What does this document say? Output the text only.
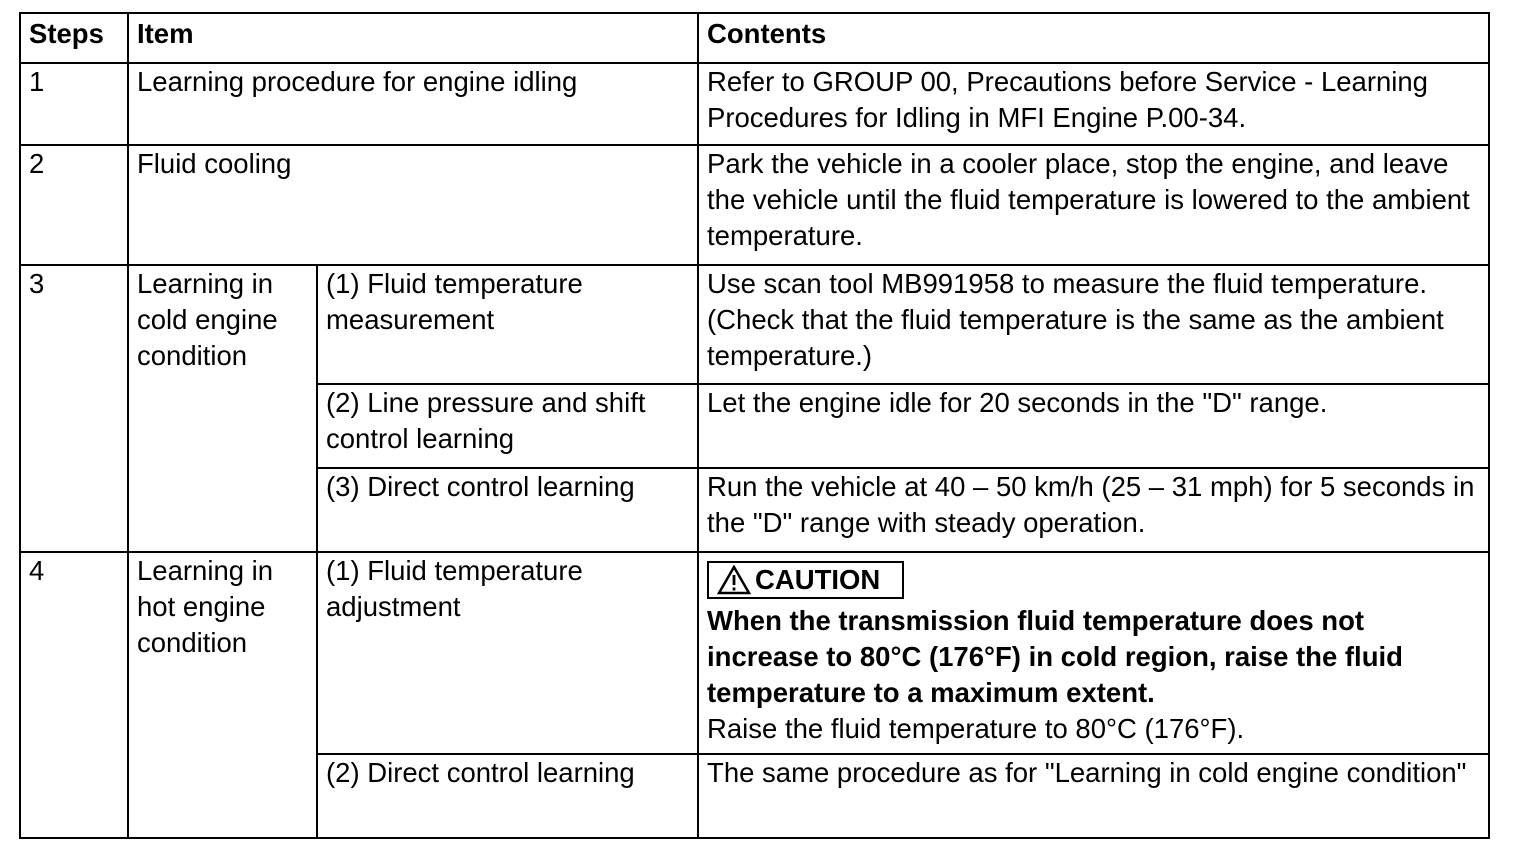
Steps	Item		Contents
1	Learning procedure for engine idling		Refer to GROUP 00, Precautions before Service - Learning Procedures for Idling in MFI Engine P.00-34.
2	Fluid cooling		Park the vehicle in a cooler place, stop the engine, and leave the vehicle until the fluid temperature is lowered to the ambient temperature.
3	Learning in cold engine condition	(1) Fluid temperature measurement	Use scan tool MB991958 to measure the fluid temperature. (Check that the fluid temperature is the same as the ambient temperature.)
		(2) Line pressure and shift control learning	Let the engine idle for 20 seconds in the "D" range.
		(3) Direct control learning	Run the vehicle at 40 – 50 km/h (25 – 31 mph) for 5 seconds in the "D" range with steady operation.
4	Learning in hot engine condition	(1) Fluid temperature adjustment	CAUTION
When the transmission fluid temperature does not increase to 80°C (176°F) in cold region, raise the fluid temperature to a maximum extent.
Raise the fluid temperature to 80°C (176°F).

		(2) Direct control learning	The same procedure as for "Learning in cold engine condition"
